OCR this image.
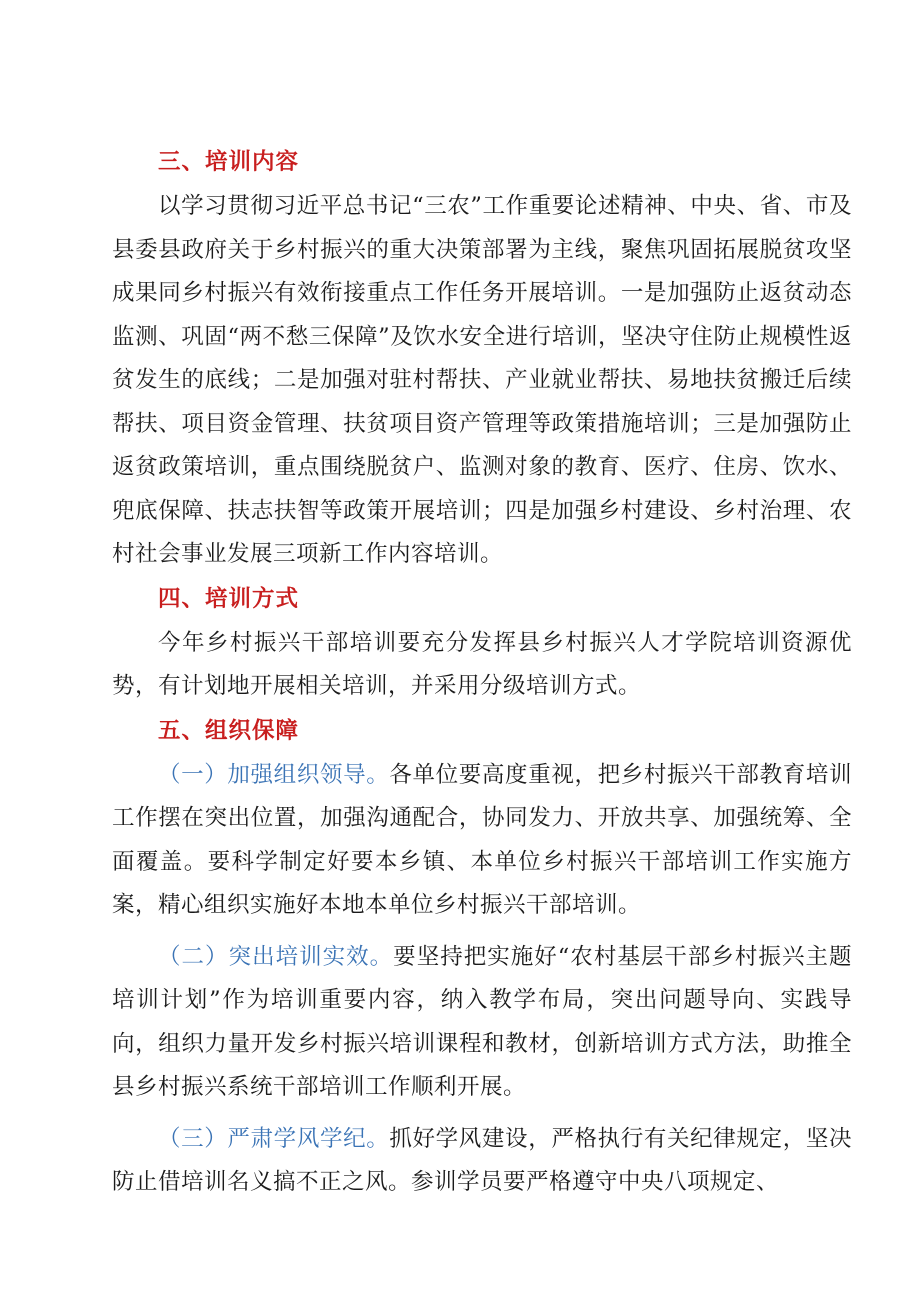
三、培训内容

以学习贯彻习近平总书记“三农”工作重要论述精神、中央、省、市及县委县政府关于乡村振兴的重大决策部署为主线，聚焦巩固拓展脱贫攻坚成果同乡村振兴有效衔接重点工作任务开展培训。一是加强防止返贫动态监测、巩固“两不愁三保障”及饮水安全进行培训，坚决守住防止规模性返贫发生的底线；二是加强对驻村帮扶、产业就业帮扶、易地扶贫搬迁后续帮扶、项目资金管理、扶贫项目资产管理等政策措施培训；三是加强防止返贫政策培训，重点围绕脱贫户、监测对象的教育、医疗、住房、饮水、兜底保障、扶志扶智等政策开展培训；四是加强乡村建设、乡村治理、农村社会事业发展三项新工作内容培训。

四、培训方式

今年乡村振兴干部培训要充分发挥县乡村振兴人才学院培训资源优势，有计划地开展相关培训，并采用分级培训方式。

五、组织保障

（一）加强组织领导。各单位要高度重视，把乡村振兴干部教育培训工作摆在突出位置，加强沟通配合，协同发力、开放共享、加强统筹、全面覆盖。要科学制定好要本乡镇、本单位乡村振兴干部培训工作实施方案，精心组织实施好本地本单位乡村振兴干部培训。

（二）突出培训实效。要坚持把实施好“农村基层干部乡村振兴主题培训计划”作为培训重要内容，纳入教学布局，突出问题导向、实践导向，组织力量开发乡村振兴培训课程和教材，创新培训方式方法，助推全县乡村振兴系统干部培训工作顺利开展。

（三）严肃学风学纪。抓好学风建设，严格执行有关纪律规定，坚决防止借培训名义搞不正之风。参训学员要严格遵守中央八项规定、
